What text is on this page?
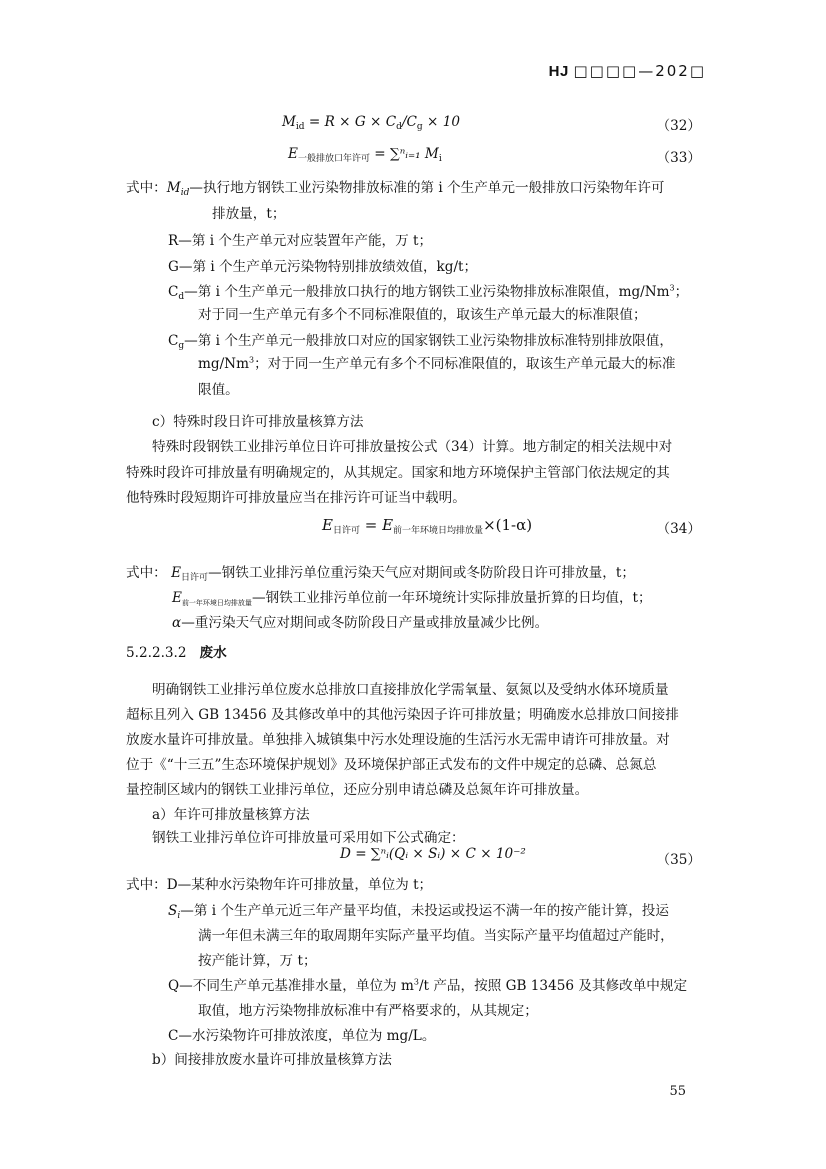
HJ □□□□—202□
$M_{id} = R \times G \times C_d/C_g \times 10$	（32）
$E_{一般排放口年许可}$ = ∑ⁿᵢ₌₁ $M_i$	（33）
式中：$M_{id}—$执行地方钢铁工业污染物排放标准的第 i 个生产单元一般排放口污染物年许可
排放量，t；
R—第 i 个生产单元对应装置年产能，万 t；
G—第 i 个生产单元污染物特别排放绩效值，kg/t；
$C_d—$第 i 个生产单元一般排放口执行的地方钢铁工业污染物排放标准限值，mg/Nm$^3$；
对于同一生产单元有多个不同标准限值的，取该生产单元最大的标准限值；
$C_g—$第 i 个生产单元一般排放口对应的国家钢铁工业污染物排放标准特别排放限值，
mg/Nm$^3$；对于同一生产单元有多个不同标准限值的，取该生产单元最大的标准
限值。
c）特殊时段日许可排放量核算方法
特殊时段钢铁工业排污单位日许可排放量按公式（34）计算。地方制定的相关法规中对
特殊时段许可排放量有明确规定的，从其规定。国家和地方环境保护主管部门依法规定的其
他特殊时段短期许可排放量应当在排污许可证当中载明。
$E_{日许可} = E_{前一年环境日均排放量}\times(1-\alpha)$	（34）
式中： $E_{日许可}—$钢铁工业排污单位重污染天气应对期间或冬防阶段日许可排放量，t；
$E_{前一年环境日均排放量}—$钢铁工业排污单位前一年环境统计实际排放量折算的日均值，t；
α—重污染天气应对期间或冬防阶段日产量或排放量减少比例。
5.2.2.3.2 废水
明确钢铁工业排污单位废水总排放口直接排放化学需氧量、氨氮以及受纳水体环境质量
超标且列入 GB 13456 及其修改单中的其他污染因子许可排放量；明确废水总排放口间接排
放废水量许可排放量。单独排入城镇集中污水处理设施的生活污水无需申请许可排放量。对
位于《“十三五”生态环境保护规划》及环境保护部正式发布的文件中规定的总磷、总氮总
量控制区域内的钢铁工业排污单位，还应分别申请总磷及总氮年许可排放量。
a）年许可排放量核算方法
钢铁工业排污单位许可排放量可采用如下公式确定：
D = ∑ⁿᵢ(Qᵢ × Sᵢ) × C × 10⁻²	（35）
式中：D—某种水污染物年许可排放量，单位为 t；
$S_i—$第 i 个生产单元近三年产量平均值，未投运或投运不满一年的按产能计算，投运
满一年但未满三年的取周期年实际产量平均值。当实际产量平均值超过产能时，
按产能计算，万 t；
Q—不同生产单元基准排水量，单位为 $m^3/t$ 产品，按照 GB 13456 及其修改单中规定
取值，地方污染物排放标准中有严格要求的，从其规定；
C—水污染物许可排放浓度，单位为 mg/L。
b）间接排放废水量许可排放量核算方法
55
